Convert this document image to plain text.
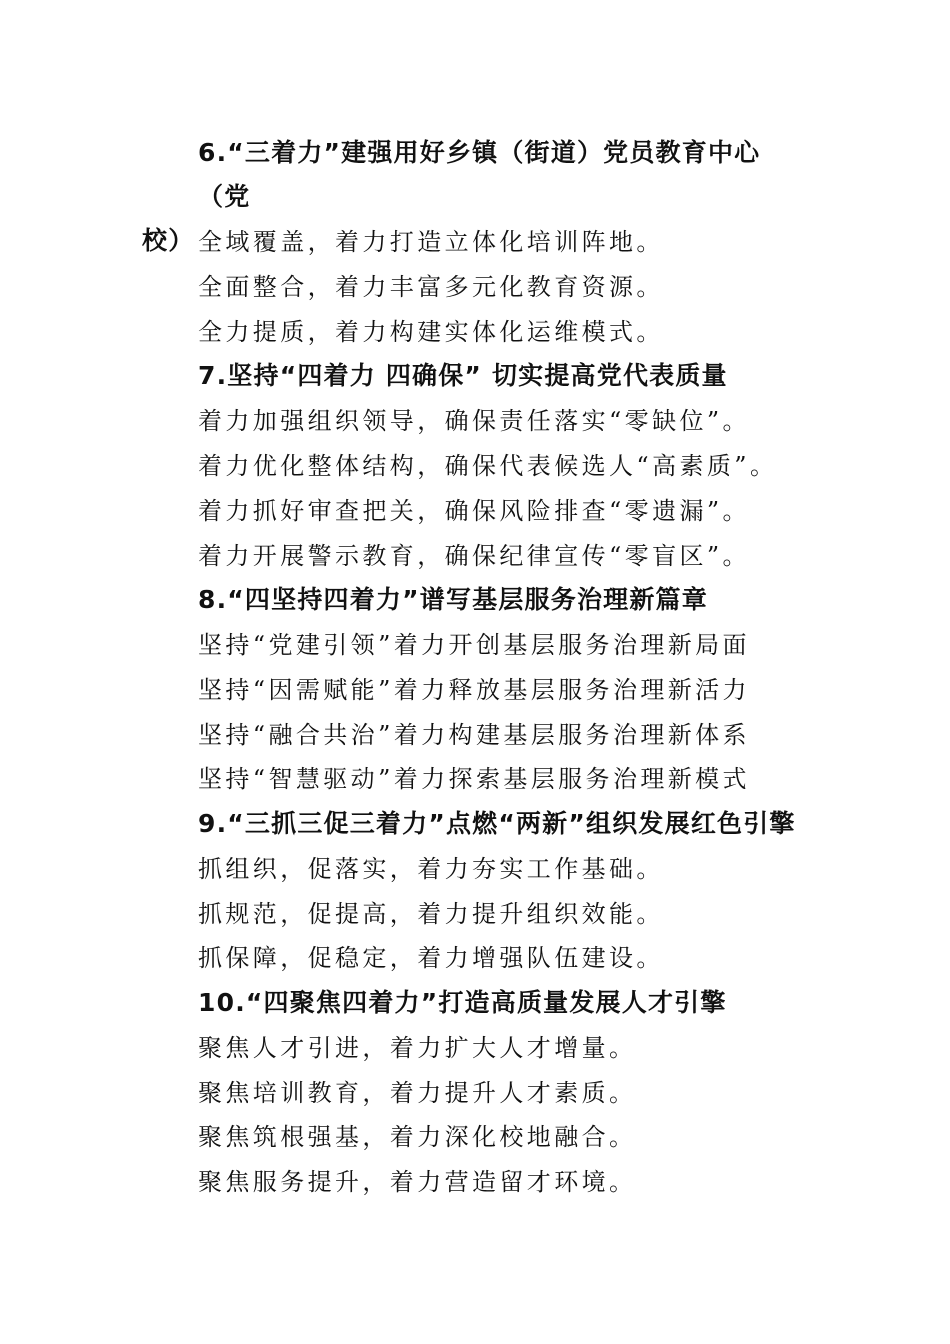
6.“三着力”建强用好乡镇（街道）党员教育中心（党
校） 全域覆盖，着力打造立体化培训阵地。
全面整合，着力丰富多元化教育资源。
全力提质，着力构建实体化运维模式。
7.坚持“四着力 四确保” 切实提高党代表质量
着力加强组织领导，确保责任落实“零缺位”。
着力优化整体结构，确保代表候选人“高素质”。
着力抓好审查把关，确保风险排查“零遗漏”。
着力开展警示教育，确保纪律宣传“零盲区”。
8.“四坚持四着力”谱写基层服务治理新篇章
坚持“党建引领”着力开创基层服务治理新局面
坚持“因需赋能”着力释放基层服务治理新活力
坚持“融合共治”着力构建基层服务治理新体系
坚持“智慧驱动”着力探索基层服务治理新模式
9.“三抓三促三着力”点燃“两新”组织发展红色引擎
抓组织，促落实，着力夯实工作基础。
抓规范，促提高，着力提升组织效能。
抓保障，促稳定，着力增强队伍建设。
10.“四聚焦四着力”打造高质量发展人才引擎
聚焦人才引进，着力扩大人才增量。
聚焦培训教育，着力提升人才素质。
聚焦筑根强基，着力深化校地融合。
聚焦服务提升，着力营造留才环境。
